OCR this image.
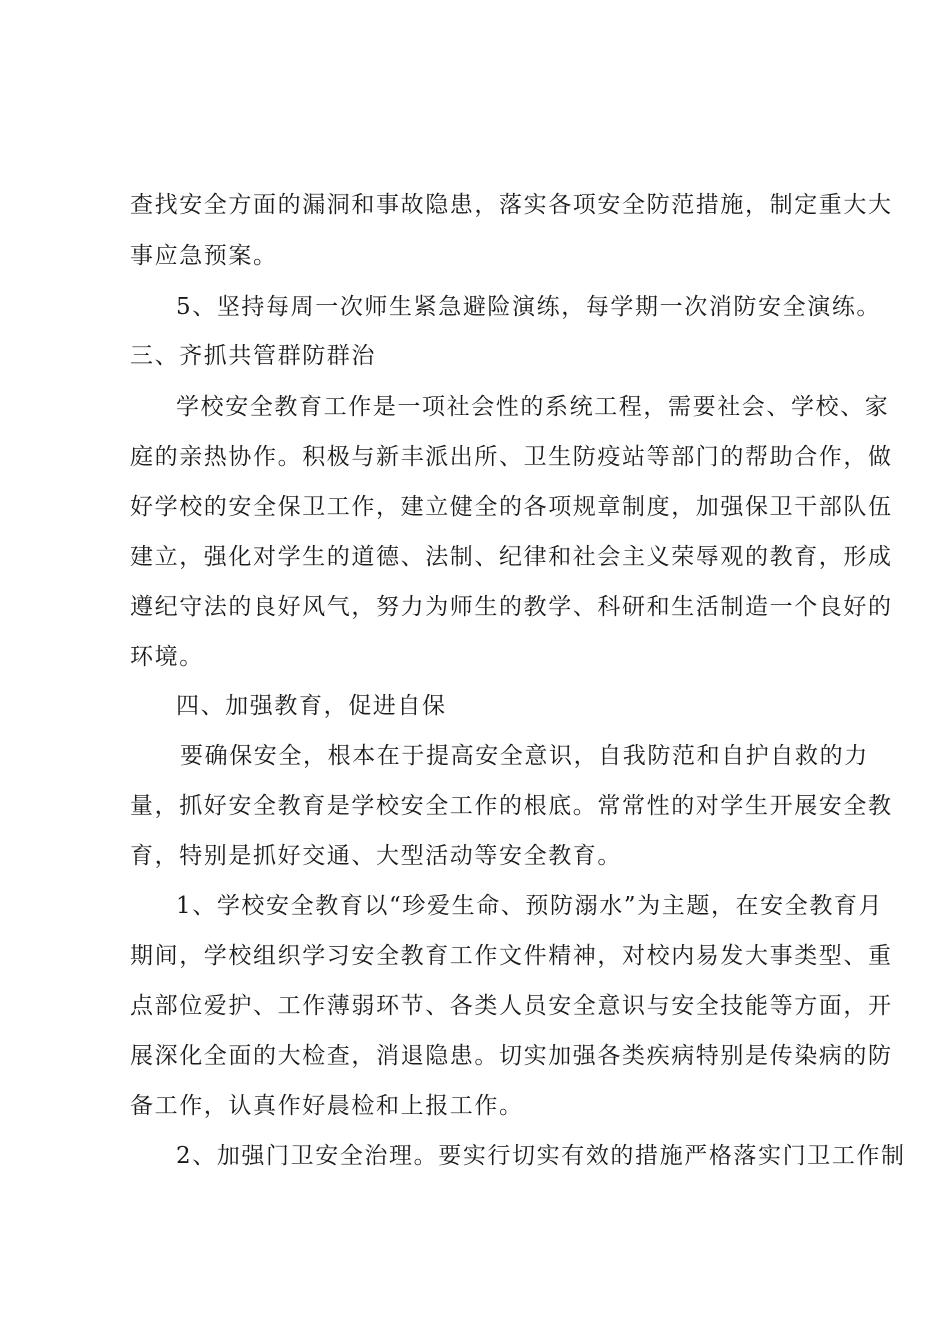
查找安全方面的漏洞和事故隐患，落实各项安全防范措施，制定重大大
事应急预案。
5、坚持每周一次师生紧急避险演练，每学期一次消防安全演练。
三、齐抓共管群防群治
学校安全教育工作是一项社会性的系统工程，需要社会、学校、家
庭的亲热协作。积极与新丰派出所、卫生防疫站等部门的帮助合作，做
好学校的安全保卫工作，建立健全的各项规章制度，加强保卫干部队伍
建立，强化对学生的道德、法制、纪律和社会主义荣辱观的教育，形成
遵纪守法的良好风气，努力为师生的教学、科研和生活制造一个良好的
环境。
四、加强教育，促进自保
要确保安全，根本在于提高安全意识，自我防范和自护自救的力
量，抓好安全教育是学校安全工作的根底。常常性的对学生开展安全教
育，特别是抓好交通、大型活动等安全教育。
1、学校安全教育以“珍爱生命、预防溺水”为主题，在安全教育月
期间，学校组织学习安全教育工作文件精神，对校内易发大事类型、重
点部位爱护、工作薄弱环节、各类人员安全意识与安全技能等方面，开
展深化全面的大检查，消退隐患。切实加强各类疾病特别是传染病的防
备工作，认真作好晨检和上报工作。
2、加强门卫安全治理。要实行切实有效的措施严格落实门卫工作制
